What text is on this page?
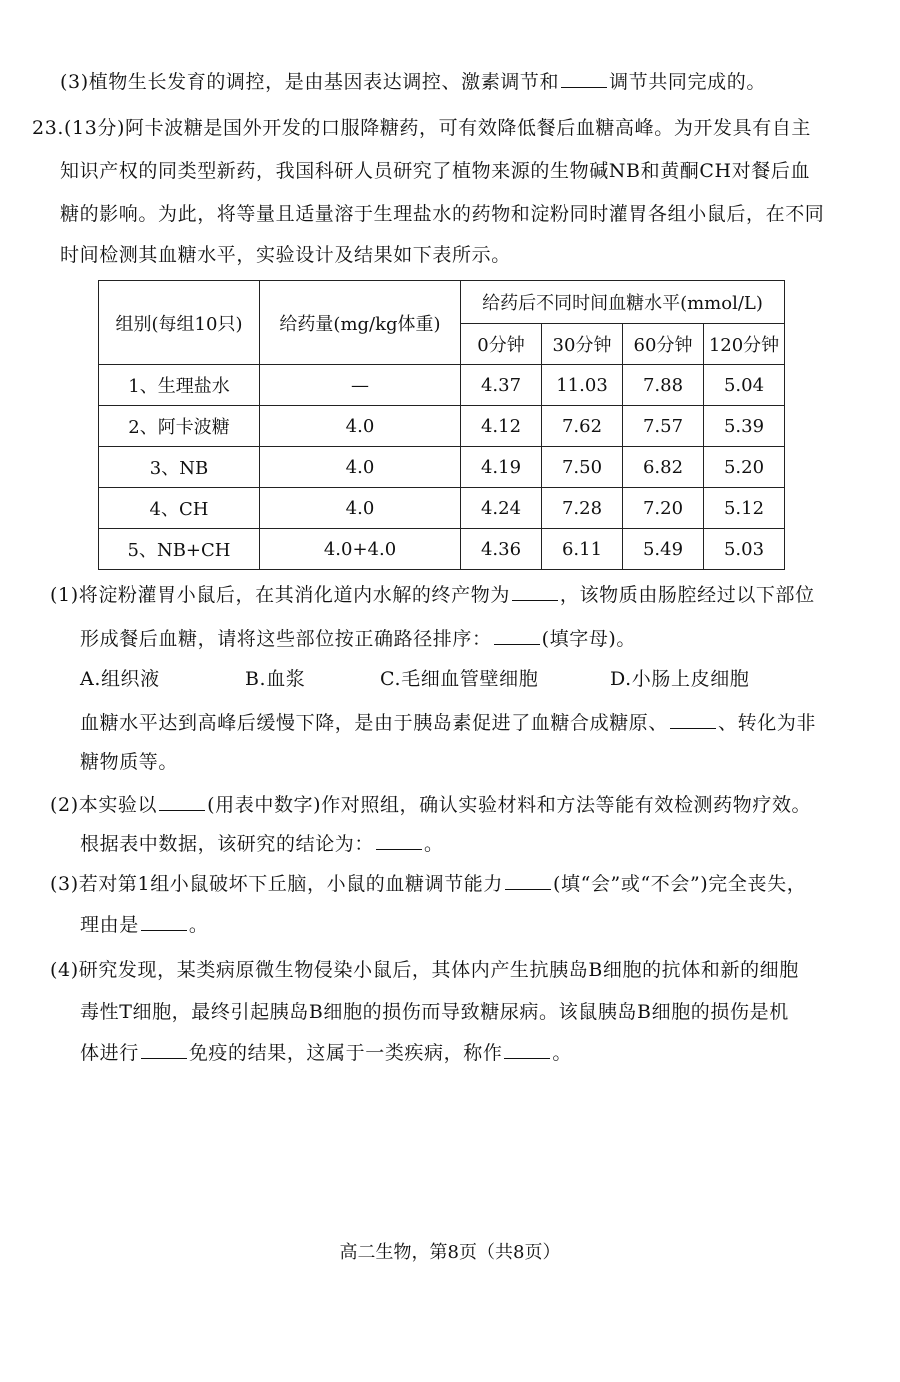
(3)植物生长发育的调控，是由基因表达调控、激素调节和	调节共同完成的。
23.(13分)阿卡波糖是国外开发的口服降糖药，可有效降低餐后血糖高峰。为开发具有自主
知识产权的同类型新药，我国科研人员研究了植物来源的生物碱NB和黄酮CH对餐后血
糖的影响。为此，将等量且适量溶于生理盐水的药物和淀粉同时灌胃各组小鼠后，在不同
时间检测其血糖水平，实验设计及结果如下表所示。
组别(每组10只)	给药量(mg/kg体重)	给药后不同时间血糖水平(mmol/L)			
		0分钟	30分钟	60分钟	120分钟
1、生理盐水	—	4.37	11.03	7.88	5.04
2、阿卡波糖	4.0	4.12	7.62	7.57	5.39
3、NB	4.0	4.19	7.50	6.82	5.20
4、CH	4.0	4.24	7.28	7.20	5.12
5、NB+CH	4.0+4.0	4.36	6.11	5.49	5.03
(1)将淀粉灌胃小鼠后，在其消化道内水解的终产物为	，该物质由肠腔经过以下部位
形成餐后血糖，请将这些部位按正确路径排序：	(填字母)。
A.组织液	B.血浆	C.毛细血管壁细胞	D.小肠上皮细胞
血糖水平达到高峰后缓慢下降，是由于胰岛素促进了血糖合成糖原、	、转化为非
糖物质等。
(2)本实验以	(用表中数字)作对照组，确认实验材料和方法等能有效检测药物疗效。
根据表中数据，该研究的结论为：	。
(3)若对第1组小鼠破坏下丘脑，小鼠的血糖调节能力	(填“会”或“不会”)完全丧失，
理由是	。
(4)研究发现，某类病原微生物侵染小鼠后，其体内产生抗胰岛B细胞的抗体和新的细胞
毒性T细胞，最终引起胰岛B细胞的损伤而导致糖尿病。该鼠胰岛B细胞的损伤是机
体进行	免疫的结果，这属于一类疾病，称作	。
高二生物，第8页（共8页）
